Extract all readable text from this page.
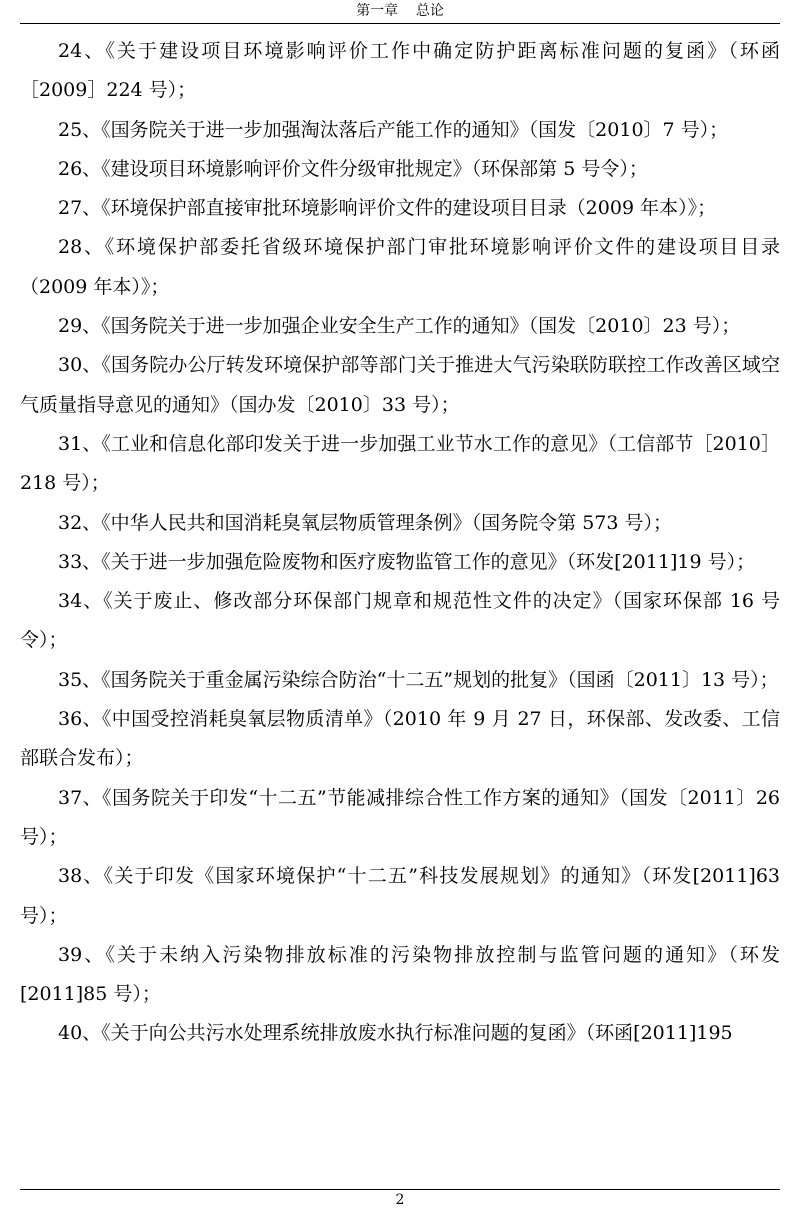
第一章 总论

24、《关于建设项目环境影响评价工作中确定防护距离标准问题的复函》（环函［2009］224 号）；

25、《国务院关于进一步加强淘汰落后产能工作的通知》（国发〔2010〕7 号）；

26、《建设项目环境影响评价文件分级审批规定》（环保部第 5 号令）；

27、《环境保护部直接审批环境影响评价文件的建设项目目录（2009 年本）》；

28、《环境保护部委托省级环境保护部门审批环境影响评价文件的建设项目目录（2009 年本）》；

29、《国务院关于进一步加强企业安全生产工作的通知》（国发〔2010〕23 号）；

30、《国务院办公厅转发环境保护部等部门关于推进大气污染联防联控工作改善区域空气质量指导意见的通知》（国办发〔2010〕33 号）；

31、《工业和信息化部印发关于进一步加强工业节水工作的意见》（工信部节［2010］218 号）；

32、《中华人民共和国消耗臭氧层物质管理条例》（国务院令第 573 号）；

33、《关于进一步加强危险废物和医疗废物监管工作的意见》（环发[2011]19 号）；

34、《关于废止、修改部分环保部门规章和规范性文件的决定》（国家环保部 16 号令）；

35、《国务院关于重金属污染综合防治“十二五”规划的批复》（国函〔2011〕13 号）；

36、《中国受控消耗臭氧层物质清单》（2010 年 9 月 27 日，环保部、发改委、工信部联合发布）；

37、《国务院关于印发“十二五”节能减排综合性工作方案的通知》（国发〔2011〕26 号）；

38、《关于印发《国家环境保护“十二五”科技发展规划》的通知》（环发[2011]63 号）；

39、《关于未纳入污染物排放标准的污染物排放控制与监管问题的通知》（环发[2011]85 号）；

40、《关于向公共污水处理系统排放废水执行标准问题的复函》（环函[2011]195

2
